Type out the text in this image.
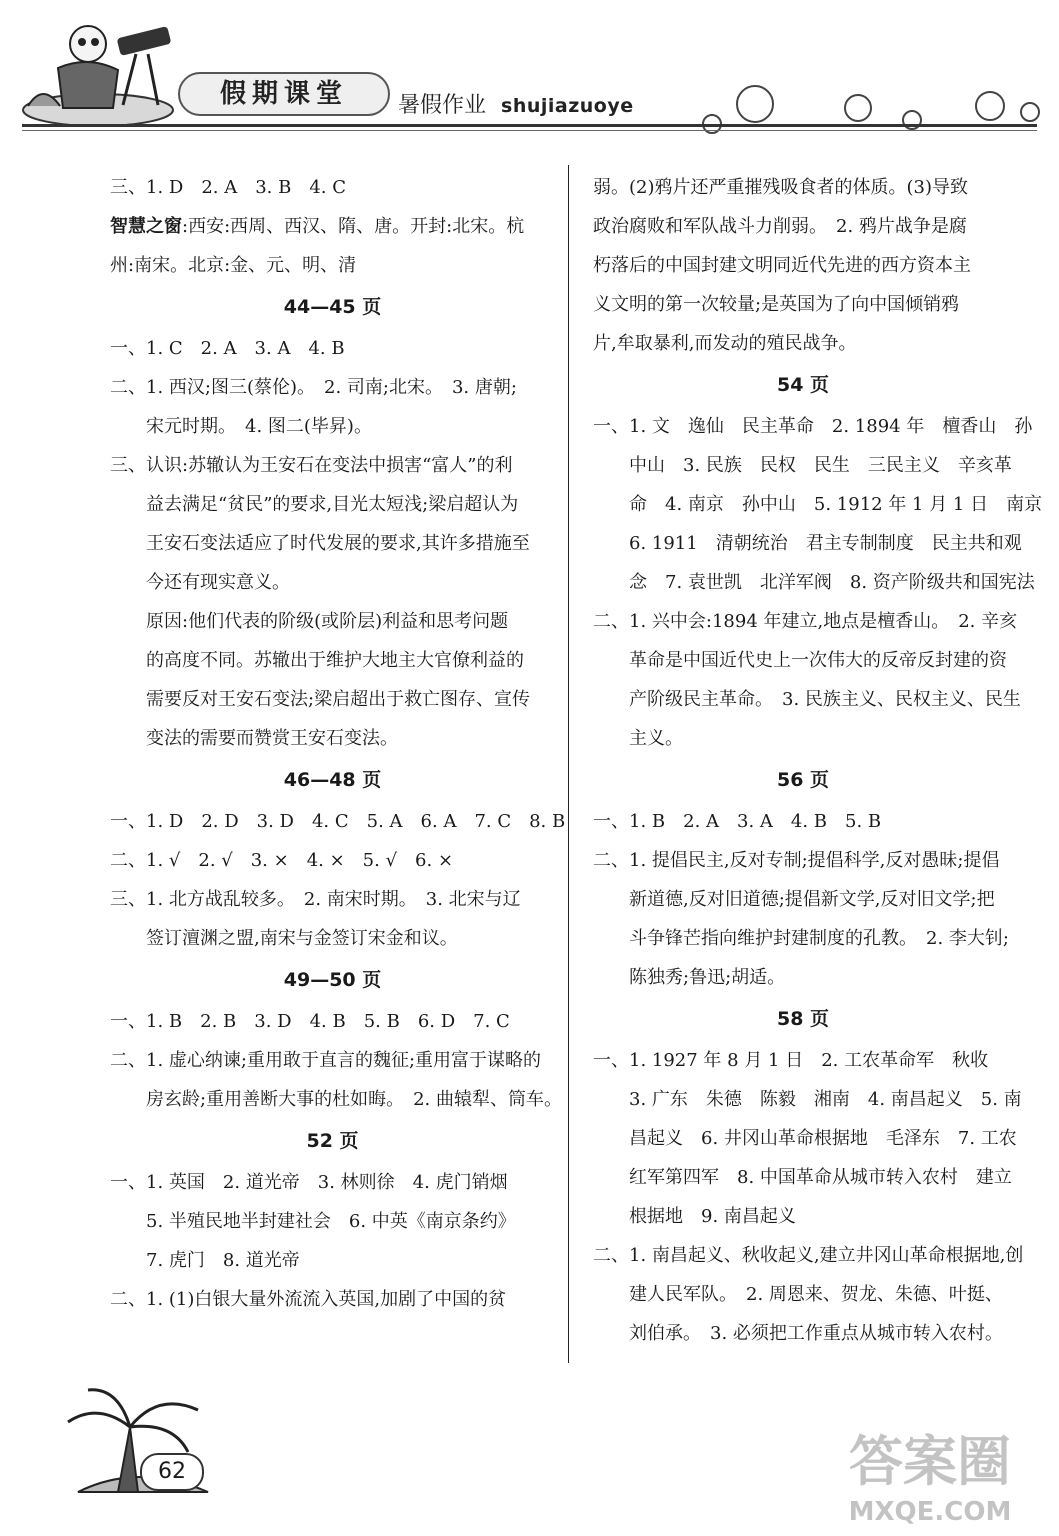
假期课堂	暑假作业 shujiazuoye
三、1. D　2. A　3. B　4. C
智慧之窗:西安:西周、西汉、隋、唐。开封:北宋。杭
州:南宋。北京:金、元、明、清
44—45 页
一、1. C　2. A　3. A　4. B
二、1. 西汉;图三(蔡伦)。　2. 司南;北宋。　3. 唐朝;
　　宋元时期。　4. 图二(毕昇)。
三、认识:苏辙认为王安石在变法中损害“富人”的利
　　益去满足“贫民”的要求,目光太短浅;梁启超认为
　　王安石变法适应了时代发展的要求,其许多措施至
　　今还有现实意义。
　　原因:他们代表的阶级(或阶层)利益和思考问题
　　的高度不同。苏辙出于维护大地主大官僚利益的
　　需要反对王安石变法;梁启超出于救亡图存、宣传
　　变法的需要而赞赏王安石变法。
46—48 页
一、1. D　2. D　3. D　4. C　5. A　6. A　7. C　8. B
二、1. √　2. √　3. ×　4. ×　5. √　6. ×
三、1. 北方战乱较多。　2. 南宋时期。　3. 北宋与辽
　　签订澶渊之盟,南宋与金签订宋金和议。
49—50 页
一、1. B　2. B　3. D　4. B　5. B　6. D　7. C
二、1. 虚心纳谏;重用敢于直言的魏征;重用富于谋略的
　　房玄龄;重用善断大事的杜如晦。　2. 曲辕犁、筒车。
52 页
一、1. 英国　2. 道光帝　3. 林则徐　4. 虎门销烟
　　5. 半殖民地半封建社会　6. 中英《南京条约》
　　7. 虎门　8. 道光帝
二、1. (1)白银大量外流流入英国,加剧了中国的贫
弱。(2)鸦片还严重摧残吸食者的体质。(3)导致
政治腐败和军队战斗力削弱。　2. 鸦片战争是腐
朽落后的中国封建文明同近代先进的西方资本主
义文明的第一次较量;是英国为了向中国倾销鸦
片,牟取暴利,而发动的殖民战争。
54 页
一、1. 文　逸仙　民主革命　2. 1894 年　檀香山　孙
　　中山　3. 民族　民权　民生　三民主义　辛亥革
　　命　4. 南京　孙中山　5. 1912 年 1 月 1 日　南京
　　6. 1911　清朝统治　君主专制制度　民主共和观
　　念　7. 袁世凯　北洋军阀　8. 资产阶级共和国宪法
二、1. 兴中会:1894 年建立,地点是檀香山。　2. 辛亥
　　革命是中国近代史上一次伟大的反帝反封建的资
　　产阶级民主革命。　3. 民族主义、民权主义、民生
　　主义。
56 页
一、1. B　2. A　3. A　4. B　5. B
二、1. 提倡民主,反对专制;提倡科学,反对愚昧;提倡
　　新道德,反对旧道德;提倡新文学,反对旧文学;把
　　斗争锋芒指向维护封建制度的孔教。　2. 李大钊;
　　陈独秀;鲁迅;胡适。
58 页
一、1. 1927 年 8 月 1 日　2. 工农革命军　秋收
　　3. 广东　朱德　陈毅　湘南　4. 南昌起义　5. 南
　　昌起义　6. 井冈山革命根据地　毛泽东　7. 工农
　　红军第四军　8. 中国革命从城市转入农村　建立
　　根据地　9. 南昌起义
二、1. 南昌起义、秋收起义,建立井冈山革命根据地,创
　　建人民军队。　2. 周恩来、贺龙、朱德、叶挺、
　　刘伯承。　3. 必须把工作重点从城市转入农村。
62	答案圈
MXQE.COM
